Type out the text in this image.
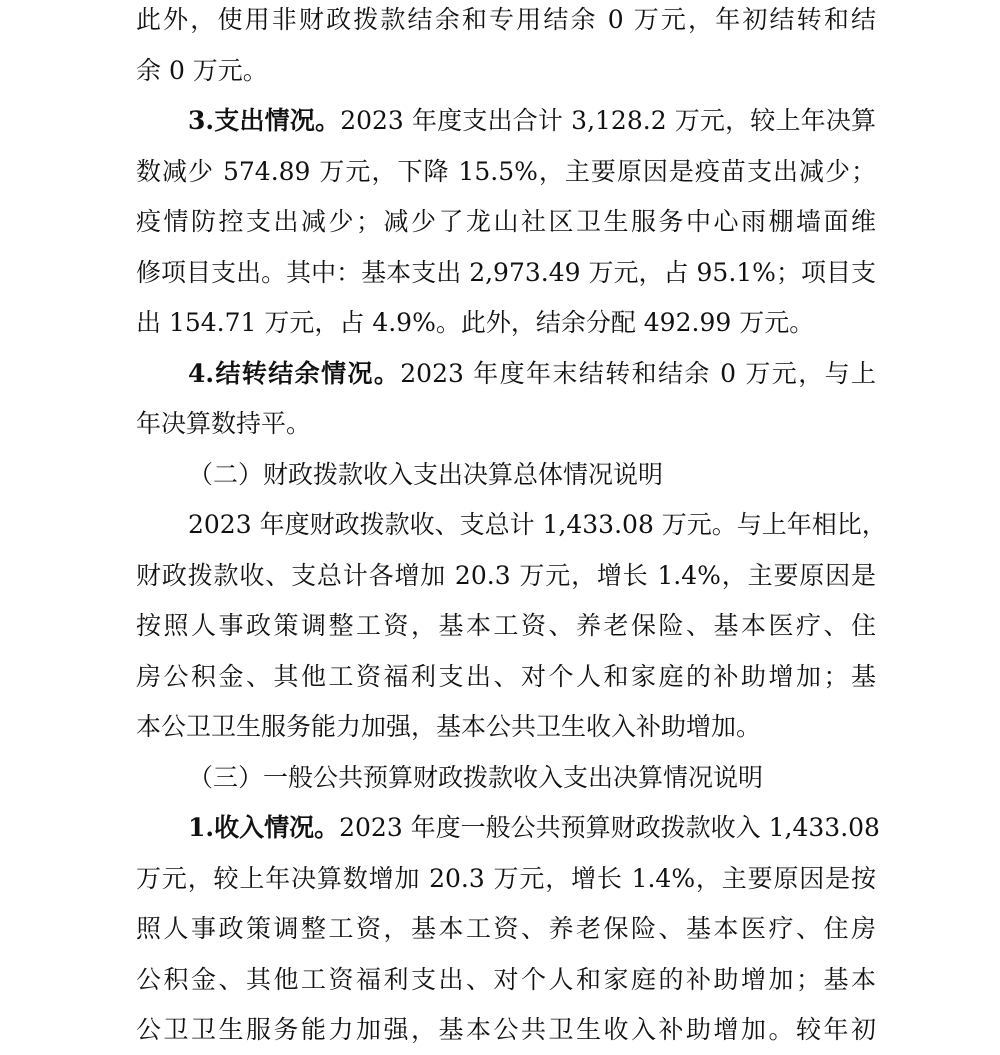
此外，使用非财政拨款结余和专用结余 0 万元，年初结转和结
余 0 万元。
3.支出情况。2023 年度支出合计 3,128.2 万元，较上年决算
数减少 574.89 万元，下降 15.5%，主要原因是疫苗支出减少；
疫情防控支出减少；减少了龙山社区卫生服务中心雨棚墙面维
修项目支出。其中：基本支出 2,973.49 万元，占 95.1%；项目支
出 154.71 万元，占 4.9%。此外，结余分配 492.99 万元。
4.结转结余情况。2023 年度年末结转和结余 0 万元，与上
年决算数持平。
（二）财政拨款收入支出决算总体情况说明
2023 年度财政拨款收、支总计 1,433.08 万元。与上年相比，
财政拨款收、支总计各增加 20.3 万元，增长 1.4%，主要原因是
按照人事政策调整工资，基本工资、养老保险、基本医疗、住
房公积金、其他工资福利支出、对个人和家庭的补助增加；基
本公卫卫生服务能力加强，基本公共卫生收入补助增加。
（三）一般公共预算财政拨款收入支出决算情况说明
1.收入情况。2023 年度一般公共预算财政拨款收入 1,433.08
万元，较上年决算数增加 20.3 万元，增长 1.4%，主要原因是按
照人事政策调整工资，基本工资、养老保险、基本医疗、住房
公积金、其他工资福利支出、对个人和家庭的补助增加；基本
公卫卫生服务能力加强，基本公共卫生收入补助增加。较年初
